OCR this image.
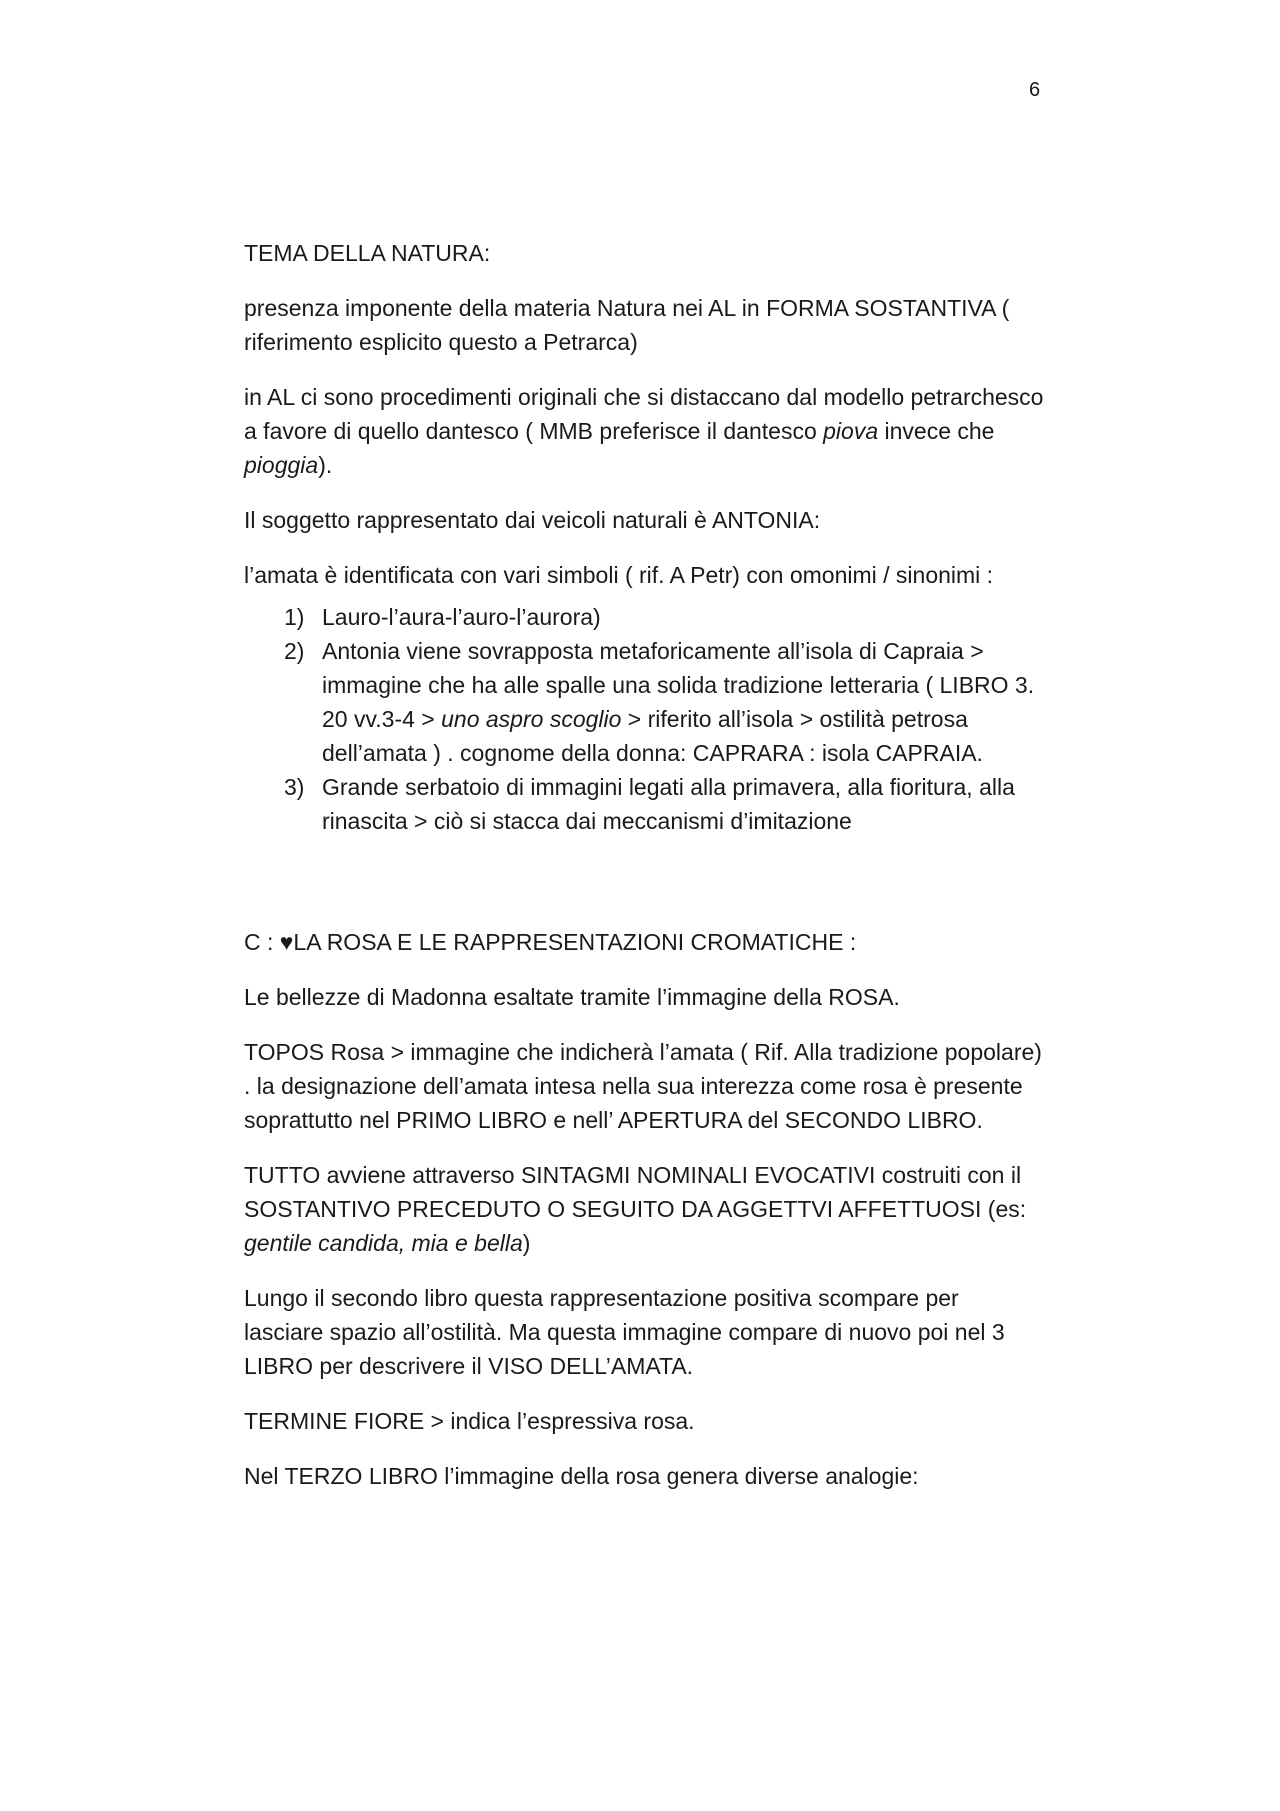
6

TEMA DELLA NATURA:

presenza imponente della materia Natura nei AL in FORMA SOSTANTIVA ( riferimento esplicito questo a Petrarca)

in AL ci sono procedimenti originali che si distaccano dal modello petrarchesco a favore di quello dantesco ( MMB preferisce il dantesco piova invece che pioggia).

Il soggetto rappresentato dai veicoli naturali è ANTONIA:

l’amata è identificata con vari simboli ( rif. A Petr) con omonimi / sinonimi :

1) Lauro-l’aura-l’auro-l’aurora)
2) Antonia viene sovrapposta metaforicamente all’isola di Capraia > immagine che ha alle spalle una solida tradizione letteraria ( LIBRO 3. 20 vv.3-4 > uno aspro scoglio > riferito all’isola > ostilità petrosa dell’amata ) . cognome della donna: CAPRARA : isola CAPRAIA.
3) Grande serbatoio di immagini legati alla primavera, alla fioritura, alla rinascita > ciò si stacca dai meccanismi d’imitazione

C : ♥LA ROSA E LE RAPPRESENTAZIONI CROMATICHE :

Le bellezze di Madonna esaltate tramite l’immagine della ROSA.

TOPOS Rosa > immagine che indicherà l’amata ( Rif. Alla tradizione popolare) . la designazione dell’amata intesa nella sua interezza come rosa è presente soprattutto nel PRIMO LIBRO e nell’ APERTURA del SECONDO LIBRO.

TUTTO avviene attraverso SINTAGMI NOMINALI EVOCATIVI costruiti con il SOSTANTIVO PRECEDUTO O SEGUITO DA AGGETTVI AFFETTUOSI (es: gentile candida, mia e bella)

Lungo il secondo libro questa rappresentazione positiva scompare per lasciare spazio all’ostilità. Ma questa immagine compare di nuovo poi nel 3 LIBRO per descrivere il VISO DELL’AMATA.

TERMINE FIORE > indica l’espressiva rosa.

Nel TERZO LIBRO l’immagine della rosa genera diverse analogie:
